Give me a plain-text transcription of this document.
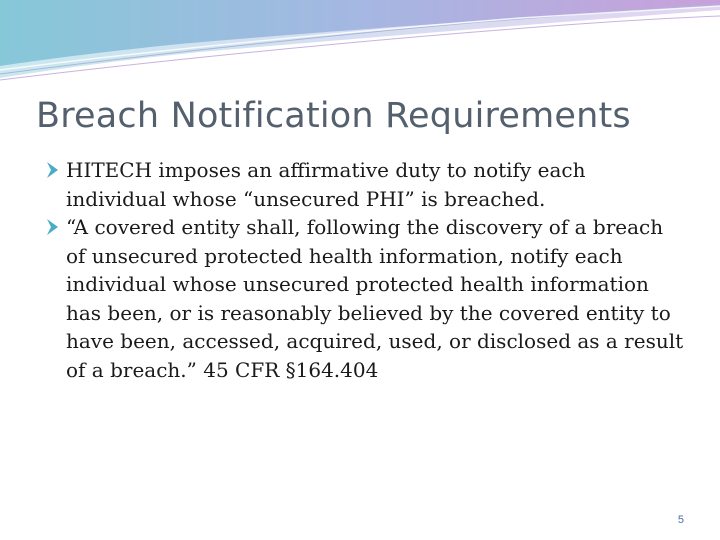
Breach Notification Requirements
HITECH imposes an affirmative duty to notify each individual whose “unsecured PHI” is breached.
“A covered entity shall, following the discovery of a breach of unsecured protected health information, notify each individual whose unsecured protected health information has been, or is reasonably believed by the covered entity to have been, accessed, acquired, used, or disclosed as a result of a breach.” 45 CFR §164.404
5
